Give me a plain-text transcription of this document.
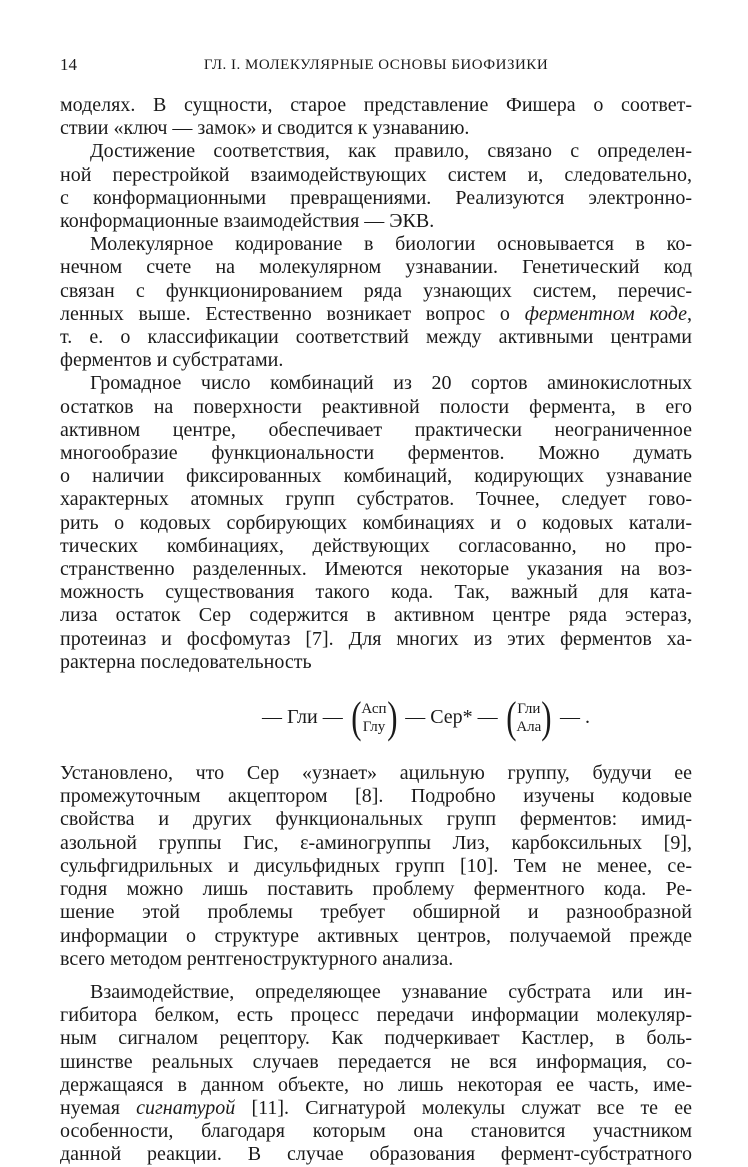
14	ГЛ. I. МОЛЕКУЛЯРНЫЕ ОСНОВЫ БИОФИЗИКИ

моделях. В сущности, старое представление Фишера о соответ-

ствии «ключ — замок» и сводится к узнаванию.

Достижение соответствия, как правило, связано с определен-

ной перестройкой взаимодействующих систем и, следовательно,

с конформационными превращениями. Реализуются электронно-

конформационные взаимодействия — ЭКВ.

Молекулярное кодирование в биологии основывается в ко-

нечном счете на молекулярном узнавании. Генетический код

связан с функционированием ряда узнающих систем, перечис-

ленных выше. Естественно возникает вопрос о ферментном коде,

т. е. о классификации соответствий между активными центрами

ферментов и субстратами.

Громадное число комбинаций из 20 сортов аминокислотных

остатков на поверхности реактивной полости фермента, в его

активном центре, обеспечивает практически неограниченное

многообразие функциональности ферментов. Можно думать

о наличии фиксированных комбинаций, кодирующих узнавание

характерных атомных групп субстратов. Точнее, следует гово-

рить о кодовых сорбирующих комбинациях и о кодовых катали-

тических комбинациях, действующих согласованно, но про-

странственно разделенных. Имеются некоторые указания на воз-

можность существования такого кода. Так, важный для ката-

лиза остаток Сер содержится в активном центре ряда эстераз,

протеиназ и фосфомутаз [7]. Для многих из этих ферментов ха-

рактерна последовательность

— Гли — ( Асп
Глу ) — Сер* — ( Гли
Ала ) — .

Установлено, что Сер «узнает» ацильную группу, будучи ее

промежуточным акцептором [8]. Подробно изучены кодовые

свойства и других функциональных групп ферментов: имид-

азольной группы Гис, ε-аминогруппы Лиз, карбоксильных [9],

сульфгидрильных и дисульфидных групп [10]. Тем не менее, се-

годня можно лишь поставить проблему ферментного кода. Ре-

шение этой проблемы требует обширной и разнообразной

информации о структуре активных центров, получаемой прежде

всего методом рентгеноструктурного анализа.

Взаимодействие, определяющее узнавание субстрата или ин-

гибитора белком, есть процесс передачи информации молекуляр-

ным сигналом рецептору. Как подчеркивает Кастлер, в боль-

шинстве реальных случаев передается не вся информация, со-

держащаяся в данном объекте, но лишь некоторая ее часть, име-

нуемая сигнатурой [11]. Сигнатурой молекулы служат все те ее

особенности, благодаря которым она становится участником

данной реакции. В случае образования фермент-субстратного
